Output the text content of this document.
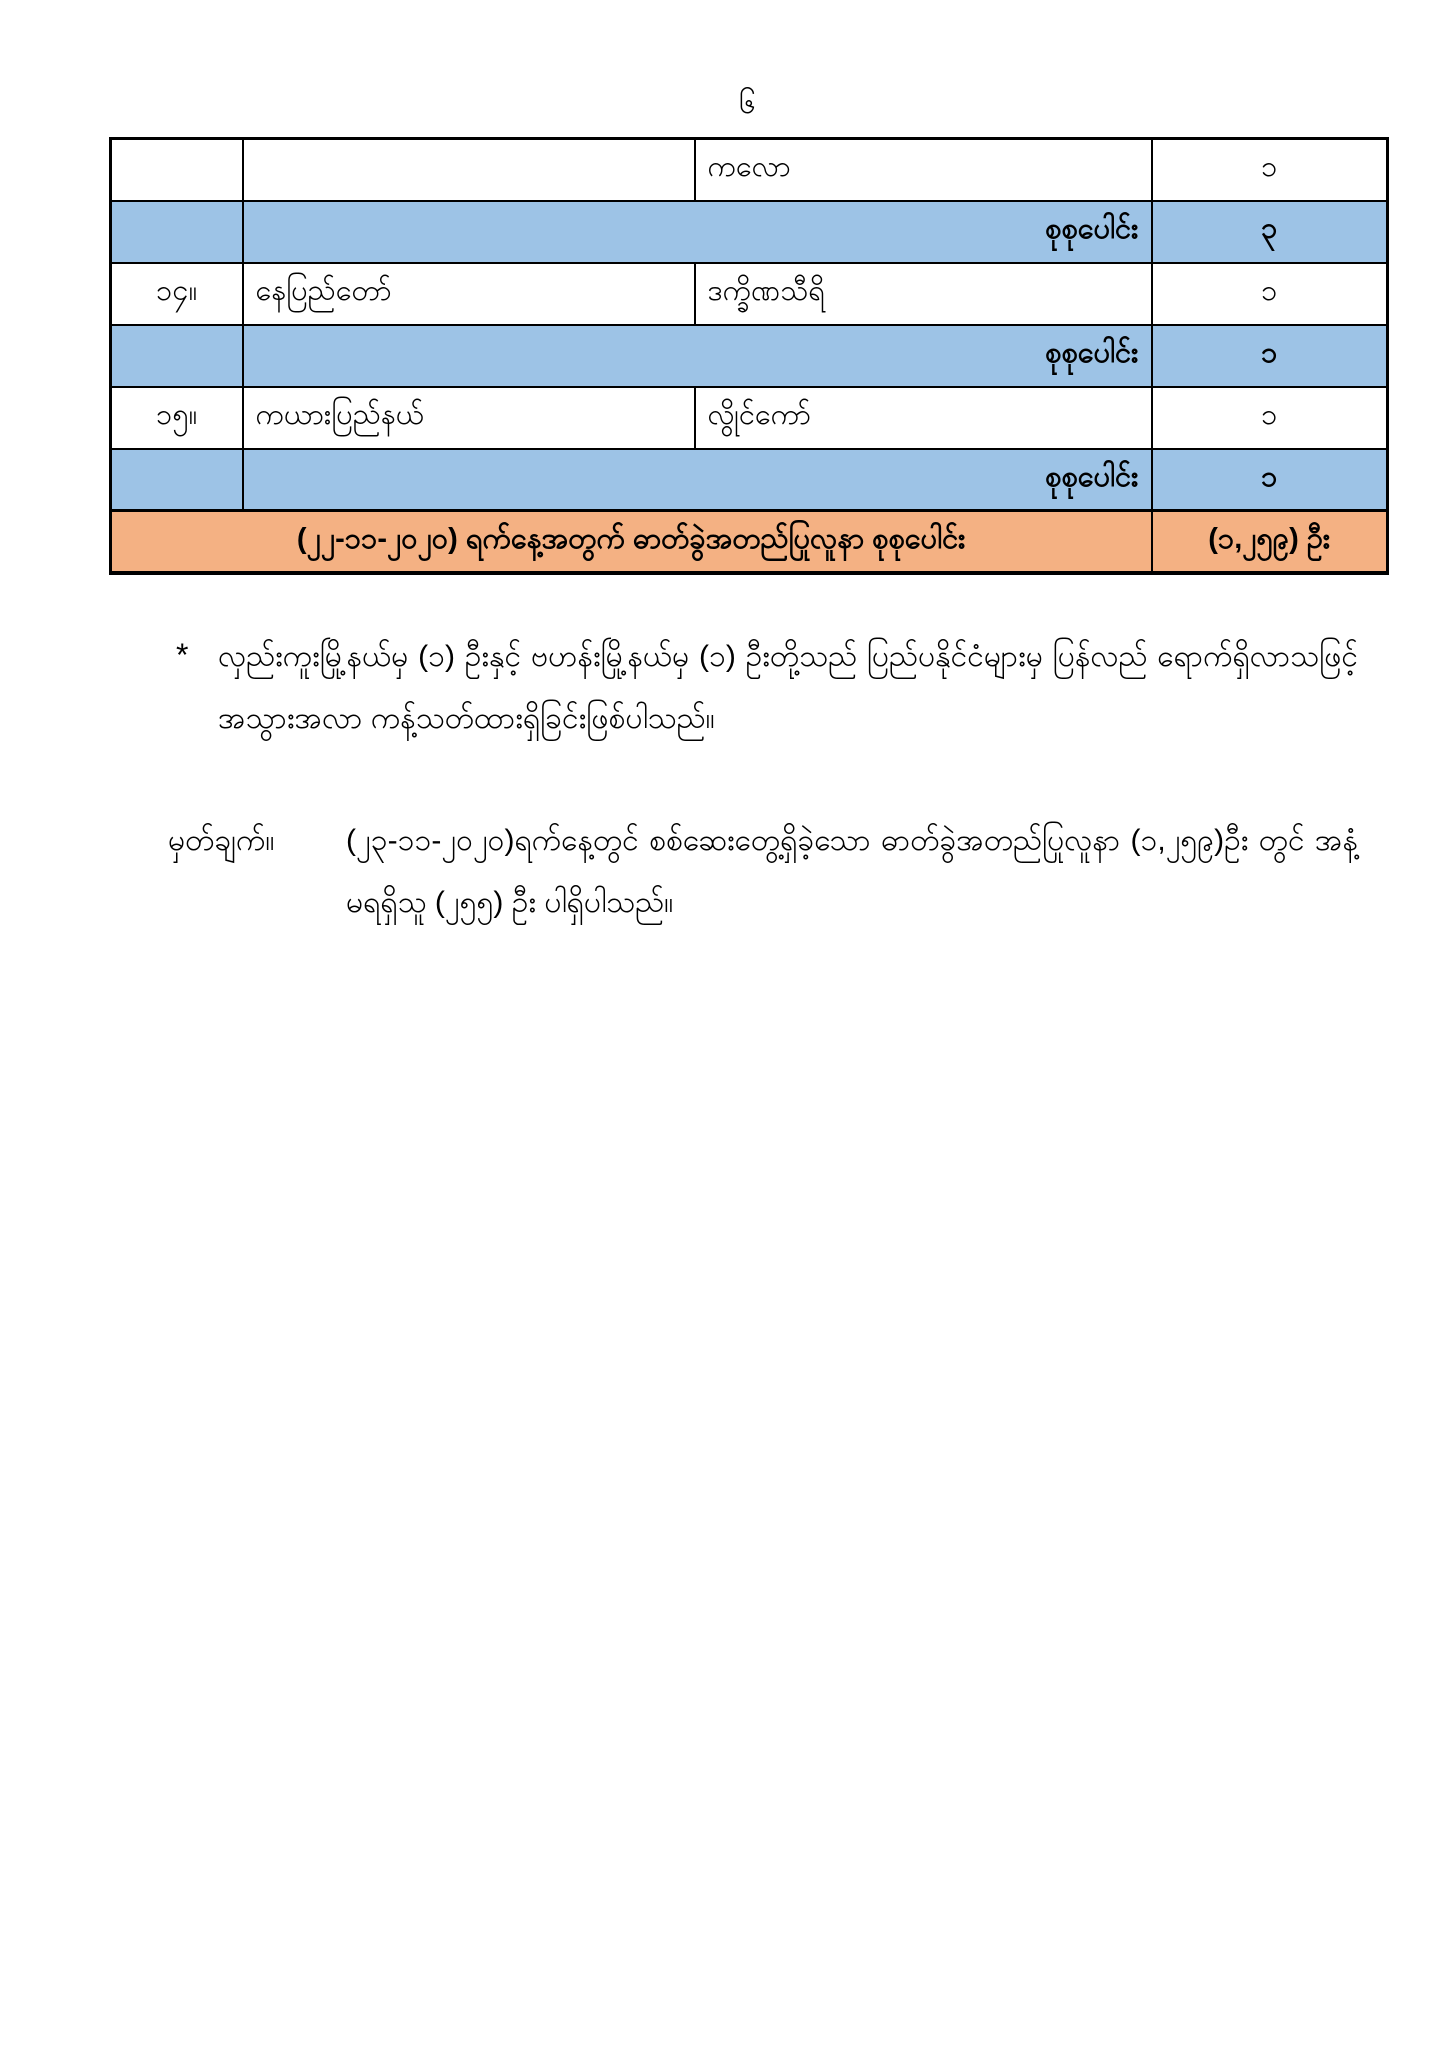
၆
		ကလော	၁
	စုစုပေါင်း		၃
၁၄။	နေပြည်တော်	ဒက္ခိဏသီရိ	၁
	စုစုပေါင်း		၁
၁၅။	ကယားပြည်နယ်	လွိုင်ကော်	၁
	စုစုပေါင်း		၁
(၂၂-၁၁-၂၀၂၀) ရက်နေ့အတွက် ဓာတ်ခွဲအတည်ပြုလူနာ စုစုပေါင်း			(၁,၂၅၉) ဦး
* လှည်းကူးမြို့နယ်မှ (၁) ဦးနှင့် ဗဟန်းမြို့နယ်မှ (၁) ဦးတို့သည် ပြည်ပနိုင်ငံများမှ ပြန်လည် ရောက်ရှိလာသဖြင့် အသွားအလာ ကန့်သတ်ထားရှိခြင်းဖြစ်ပါသည်။
မှတ်ချက်။	(၂၃-၁၁-၂၀၂၀)ရက်နေ့တွင် စစ်ဆေးတွေ့ရှိခဲ့သော ဓာတ်ခွဲအတည်ပြုလူနာ (၁,၂၅၉)ဦး တွင် အနံ့မရရှိသူ (၂၅၅) ဦး ပါရှိပါသည်။
